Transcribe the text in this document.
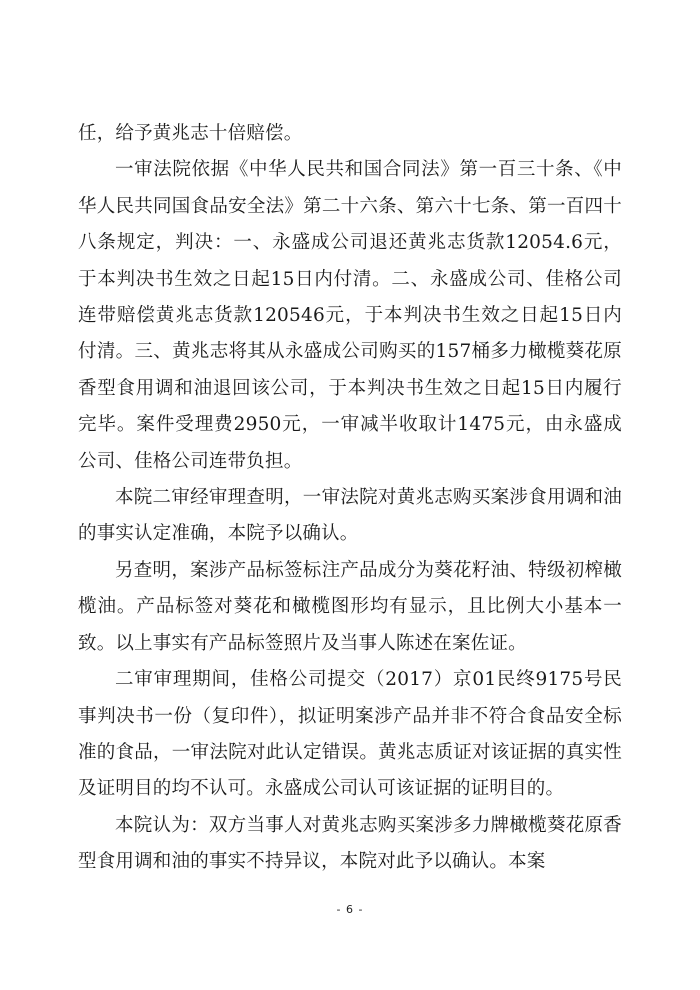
任，给予黄兆志十倍赔偿。

一审法院依据《中华人民共和国合同法》第一百三十条、《中华人民共同国食品安全法》第二十六条、第六十七条、第一百四十八条规定，判决：一、永盛成公司退还黄兆志货款12054.6元，于本判决书生效之日起15日内付清。二、永盛成公司、佳格公司连带赔偿黄兆志货款120546元，于本判决书生效之日起15日内付清。三、黄兆志将其从永盛成公司购买的157桶多力橄榄葵花原香型食用调和油退回该公司，于本判决书生效之日起15日内履行完毕。案件受理费2950元，一审减半收取计1475元，由永盛成公司、佳格公司连带负担。

本院二审经审理查明，一审法院对黄兆志购买案涉食用调和油的事实认定准确，本院予以确认。

另查明，案涉产品标签标注产品成分为葵花籽油、特级初榨橄榄油。产品标签对葵花和橄榄图形均有显示，且比例大小基本一致。以上事实有产品标签照片及当事人陈述在案佐证。

二审审理期间，佳格公司提交（2017）京01民终9175号民事判决书一份（复印件），拟证明案涉产品并非不符合食品安全标准的食品，一审法院对此认定错误。黄兆志质证对该证据的真实性及证明目的均不认可。永盛成公司认可该证据的证明目的。

本院认为：双方当事人对黄兆志购买案涉多力牌橄榄葵花原香型食用调和油的事实不持异议，本院对此予以确认。本案

- 6 -
